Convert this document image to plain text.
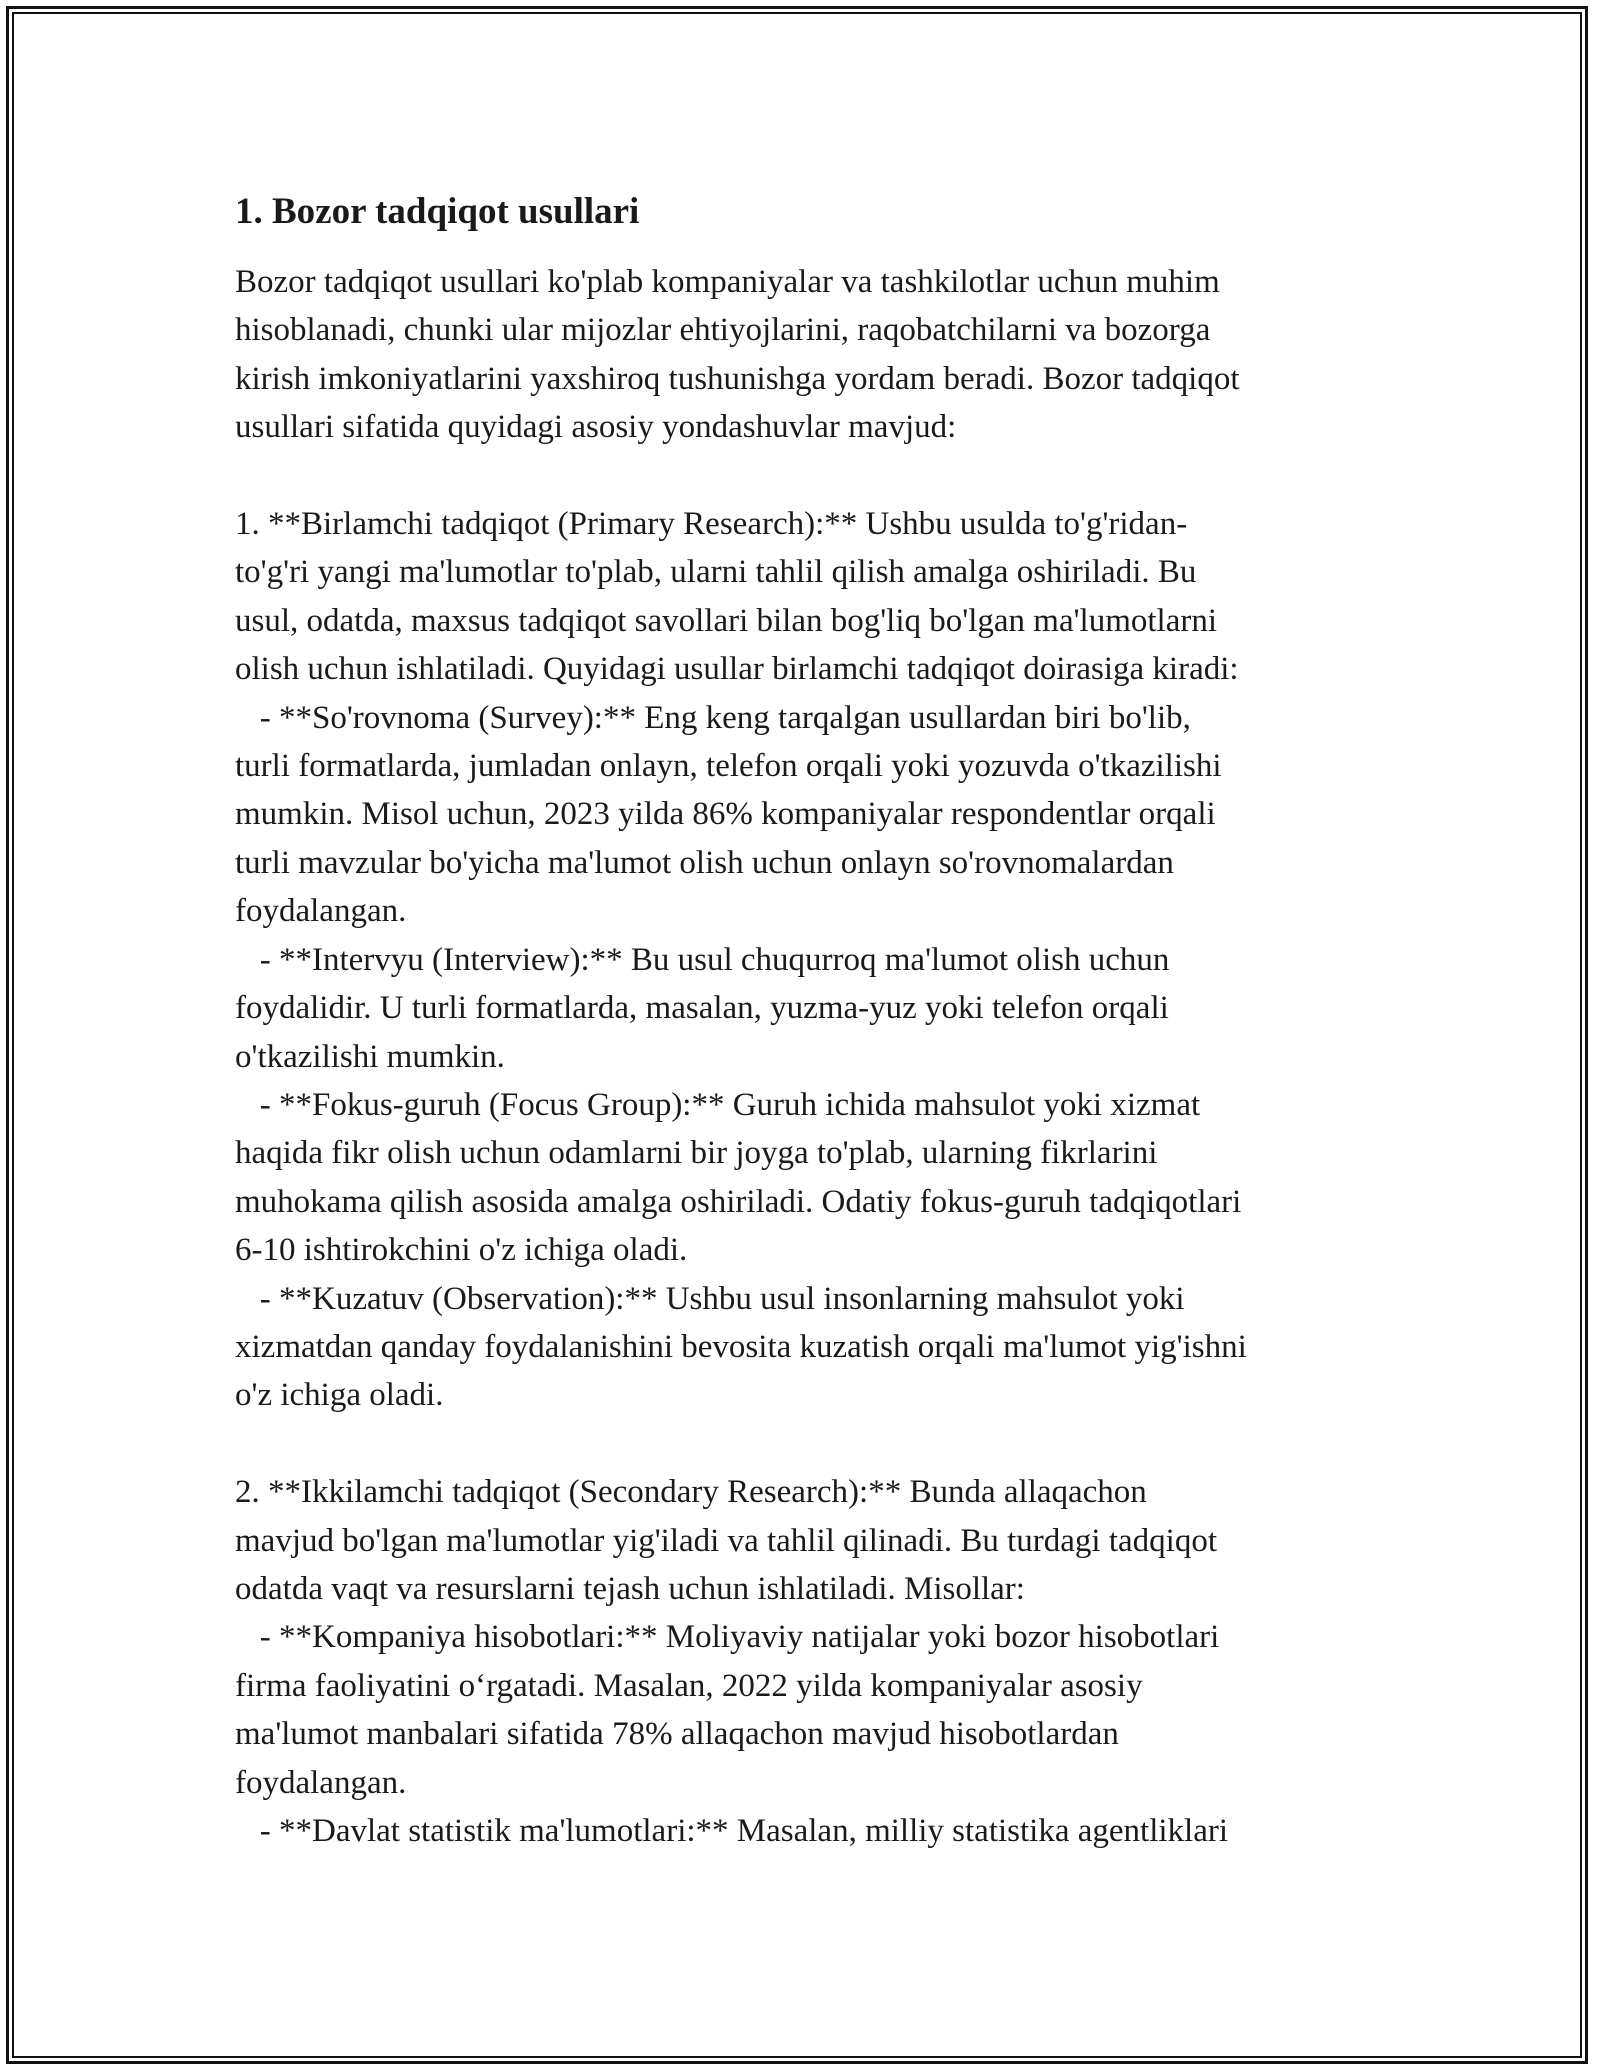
1. Bozor tadqiqot usullari

Bozor tadqiqot usullari ko'plab kompaniyalar va tashkilotlar uchun muhim
hisoblanadi, chunki ular mijozlar ehtiyojlarini, raqobatchilarni va bozorga
kirish imkoniyatlarini yaxshiroq tushunishga yordam beradi. Bozor tadqiqot
usullari sifatida quyidagi asosiy yondashuvlar mavjud:

1. **Birlamchi tadqiqot (Primary Research):** Ushbu usulda to'g'ridan-
to'g'ri yangi ma'lumotlar to'plab, ularni tahlil qilish amalga oshiriladi. Bu
usul, odatda, maxsus tadqiqot savollari bilan bog'liq bo'lgan ma'lumotlarni
olish uchun ishlatiladi. Quyidagi usullar birlamchi tadqiqot doirasiga kiradi:
- **So'rovnoma (Survey):** Eng keng tarqalgan usullardan biri bo'lib,
turli formatlarda, jumladan onlayn, telefon orqali yoki yozuvda o'tkazilishi
mumkin. Misol uchun, 2023 yilda 86% kompaniyalar respondentlar orqali
turli mavzular bo'yicha ma'lumot olish uchun onlayn so'rovnomalardan
foydalangan.
- **Intervyu (Interview):** Bu usul chuqurroq ma'lumot olish uchun
foydalidir. U turli formatlarda, masalan, yuzma-yuz yoki telefon orqali
o'tkazilishi mumkin.
- **Fokus-guruh (Focus Group):** Guruh ichida mahsulot yoki xizmat
haqida fikr olish uchun odamlarni bir joyga to'plab, ularning fikrlarini
muhokama qilish asosida amalga oshiriladi. Odatiy fokus-guruh tadqiqotlari
6-10 ishtirokchini o'z ichiga oladi.
- **Kuzatuv (Observation):** Ushbu usul insonlarning mahsulot yoki
xizmatdan qanday foydalanishini bevosita kuzatish orqali ma'lumot yig'ishni
o'z ichiga oladi.

2. **Ikkilamchi tadqiqot (Secondary Research):** Bunda allaqachon
mavjud bo'lgan ma'lumotlar yig'iladi va tahlil qilinadi. Bu turdagi tadqiqot
odatda vaqt va resurslarni tejash uchun ishlatiladi. Misollar:
- **Kompaniya hisobotlari:** Moliyaviy natijalar yoki bozor hisobotlari
firma faoliyatini oʻrgatadi. Masalan, 2022 yilda kompaniyalar asosiy
ma'lumot manbalari sifatida 78% allaqachon mavjud hisobotlardan
foydalangan.
- **Davlat statistik ma'lumotlari:** Masalan, milliy statistika agentliklari
